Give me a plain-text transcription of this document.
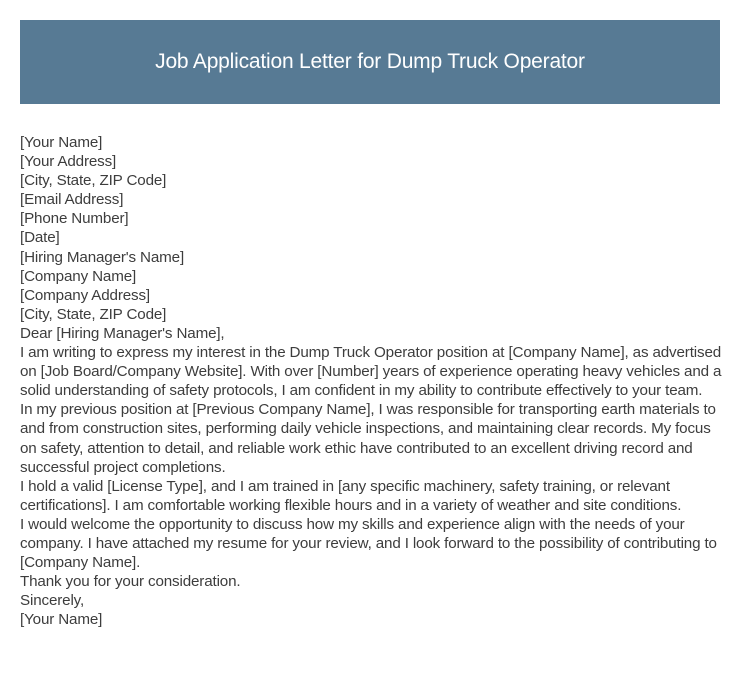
Job Application Letter for Dump Truck Operator
[Your Name]
[Your Address]
[City, State, ZIP Code]
[Email Address]
[Phone Number]
[Date]
[Hiring Manager's Name]
[Company Name]
[Company Address]
[City, State, ZIP Code]
Dear [Hiring Manager's Name],

I am writing to express my interest in the Dump Truck Operator position at [Company Name], as advertised on [Job Board/Company Website]. With over [Number] years of experience operating heavy vehicles and a solid understanding of safety protocols, I am confident in my ability to contribute effectively to your team.

In my previous position at [Previous Company Name], I was responsible for transporting earth materials to and from construction sites, performing daily vehicle inspections, and maintaining clear records. My focus on safety, attention to detail, and reliable work ethic have contributed to an excellent driving record and successful project completions.

I hold a valid [License Type], and I am trained in [any specific machinery, safety training, or relevant certifications]. I am comfortable working flexible hours and in a variety of weather and site conditions.

I would welcome the opportunity to discuss how my skills and experience align with the needs of your company. I have attached my resume for your review, and I look forward to the possibility of contributing to [Company Name].

Thank you for your consideration.

Sincerely,
[Your Name]
